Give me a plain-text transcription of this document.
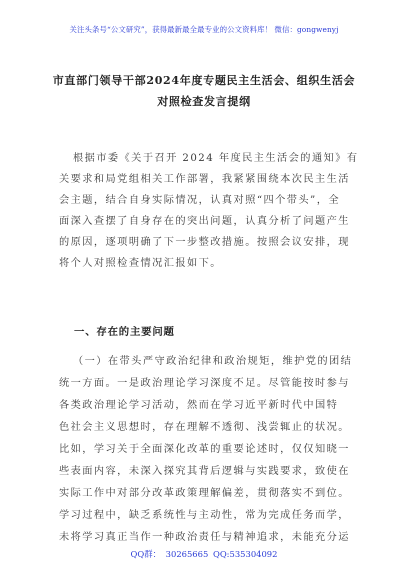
关注头条号“公文研究”，获得最新最全最专业的公文资料库！ 微信：gongwenyj
市直部门领导干部2024年度专题民主生活会、组织生活会
对照检查发言提纲
根据市委《关于召开 2024 年度民主生活会的通知》有
关要求和局党组相关工作部署，我紧紧围绕本次民主生活
会主题，结合自身实际情况，认真对照“四个带头”，全
面深入查摆了自身存在的突出问题，认真分析了问题产生
的原因，逐项明确了下一步整改措施。按照会议安排，现
将个人对照检查情况汇报如下。
一、存在的主要问题
（一）在带头严守政治纪律和政治规矩，维护党的团结
统一方面。一是政治理论学习深度不足。尽管能按时参与
各类政治理论学习活动，然而在学习近平新时代中国特
色社会主义思想时，存在理解不透彻、浅尝辄止的状况。
比如，学习关于全面深化改革的重要论述时，仅仅知晓一
些表面内容，未深入探究其背后逻辑与实践要求，致使在
实际工作中对部分改革政策理解偏差，贯彻落实不到位。
学习过程中，缺乏系统性与主动性，常为完成任务而学，
未将学习真正当作一种政治责任与精神追求，未能充分运
QQ群： 30265665 QQ:535304092
